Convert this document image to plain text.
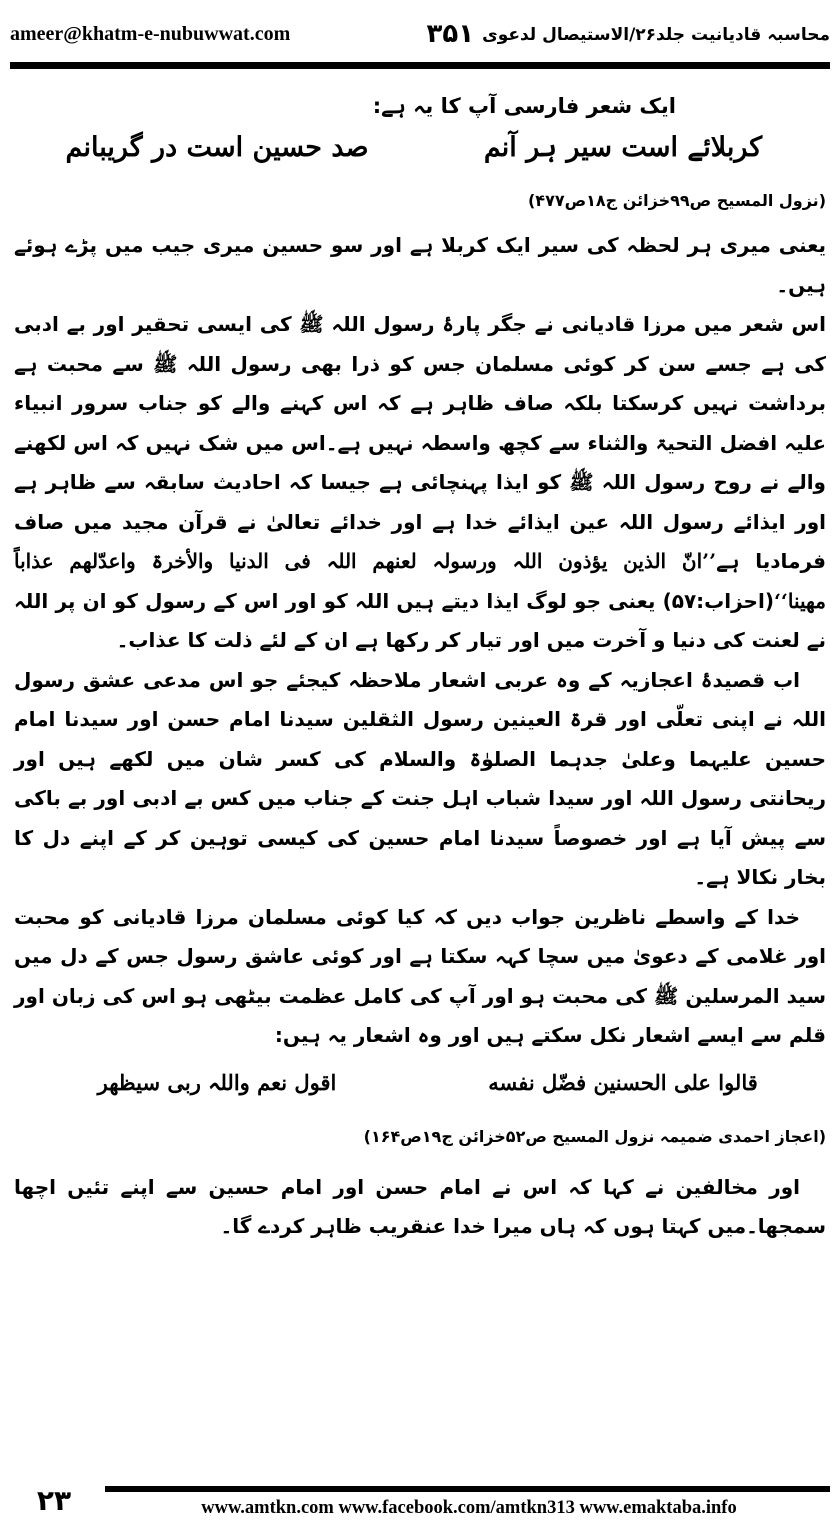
ameer@khatm-e-nubuwwat.com	محاسبہ قادیانیت جلد۲۶/الاستیصال لدعوی
۳۵۱

ایک شعر فارسی آپ کا یہ ہے:

کربلائے است سیر ہر آنم
صد حسین است در گریبانم

(نزول المسیح ص۹۹خزائن ج۱۸ص۴۷۷)

یعنی میری ہر لحظہ کی سیر ایک کربلا ہے اور سو حسین میری جیب میں پڑے ہوئے ہیں۔

اس شعر میں مرزا قادیانی نے جگر پارۂ رسول اللہ ﷺ کی ایسی تحقیر اور بے ادبی کی ہے جسے سن کر کوئی مسلمان جس کو ذرا بھی رسول اللہ ﷺ سے محبت ہے برداشت نہیں کرسکتا بلکہ صاف ظاہر ہے کہ اس کہنے والے کو جناب سرور انبیاء علیہ افضل التحیۃ والثناء سے کچھ واسطہ نہیں ہے۔اس میں شک نہیں کہ اس لکھنے والے نے روح رسول اللہ ﷺ کو ایذا پہنچائی ہے جیسا کہ احادیث سابقہ سے ظاہر ہے اور ایذائے رسول اللہ عین ایذائے خدا ہے اور خدائے تعالیٰ نے قرآن مجید میں صاف فرمادیا ہے’’انّ الذین یؤذون اللہ ورسولہ لعنھم اللہ فی الدنیا والأخرۃ واعدّلھم عذاباً مھینا‘‘(احزاب:۵۷) یعنی جو لوگ ایذا دیتے ہیں اللہ کو اور اس کے رسول کو ان پر اللہ نے لعنت کی دنیا و آخرت میں اور تیار کر رکھا ہے ان کے لئے ذلت کا عذاب۔

اب قصیدۂ اعجازیہ کے وہ عربی اشعار ملاحظہ کیجئے جو اس مدعی عشق رسول اللہ نے اپنی تعلّی اور قرۃ العینین رسول الثقلین سیدنا امام حسن اور سیدنا امام حسین علیہما وعلیٰ جدہما الصلوٰۃ والسلام کی کسر شان میں لکھے ہیں اور ریحانتی رسول اللہ اور سیدا شباب اہل جنت کے جناب میں کس بے ادبی اور بے باکی سے پیش آیا ہے اور خصوصاً سیدنا امام حسین کی کیسی توہین کر کے اپنے دل کا بخار نکالا ہے۔

خدا کے واسطے ناظرین جواب دیں کہ کیا کوئی مسلمان مرزا قادیانی کو محبت اور غلامی کے دعویٰ میں سچا کہہ سکتا ہے اور کوئی عاشق رسول جس کے دل میں سید المرسلین ﷺ کی محبت ہو اور آپ کی کامل عظمت بیٹھی ہو اس کی زبان اور قلم سے ایسے اشعار نکل سکتے ہیں اور وہ اشعار یہ ہیں:

قالوا علی الحسنین فضّل نفسه
اقول نعم واللہ ربی سیظهر

(اعجاز احمدی ضمیمہ نزول المسیح ص۵۲خزائن ج۱۹ص۱۶۴)

اور مخالفین نے کہا کہ اس نے امام حسن اور امام حسین سے اپنے تئیں اچھا سمجھا۔میں کہتا ہوں کہ ہاں میرا خدا عنقریب ظاہر کردے گا۔

۲۳	www.amtkn.com www.facebook.com/amtkn313 www.emaktaba.info
